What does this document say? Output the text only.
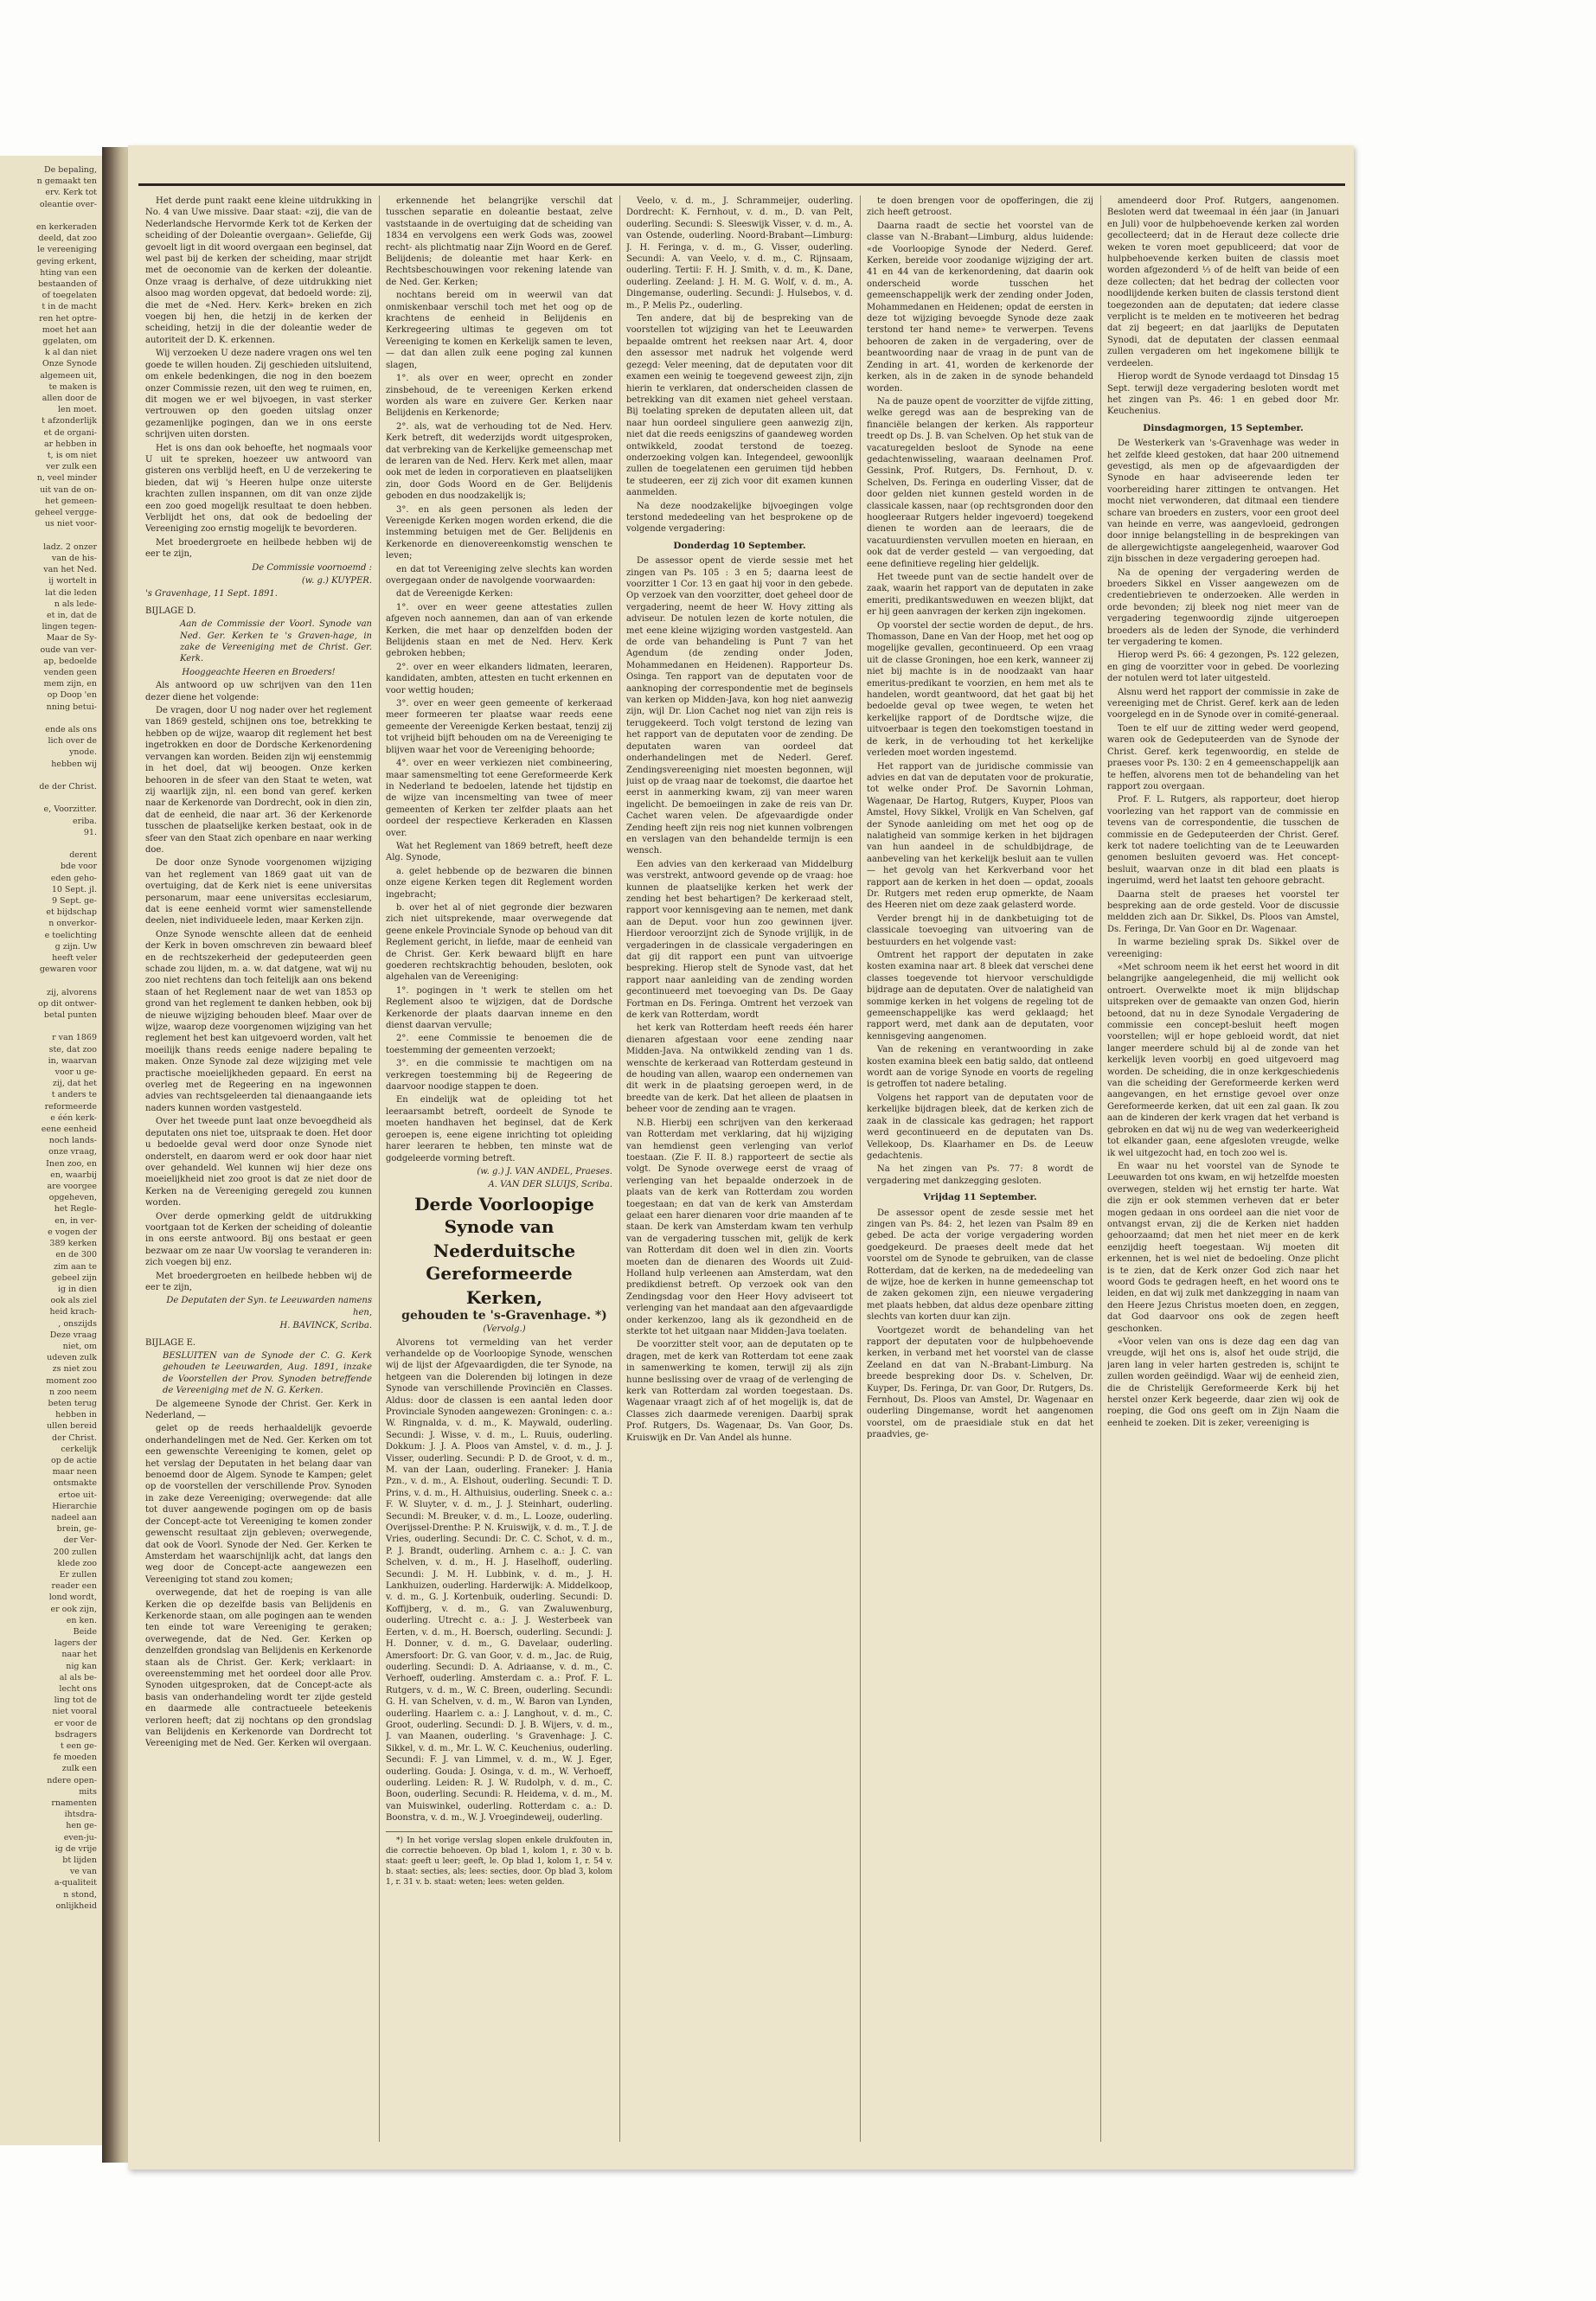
De bepaling,
n gemaakt ten
erv. Kerk tot
oleantie over-

en kerkeraden
deeld, dat zoo
le vereeniging
geving erkent,
hting van een
bestaanden of
of toegelaten
t in de macht
ren het optre-
moet het aan
ggelaten, om
k al dan niet
Onze Synode
algemeen uit,
te maken is
allen door de
len moet.
t afzonderlijk
et de organi-
ar hebben in
t, is om niet
ver zulk een
n, veel minder
uit van de on-
het gemeen-
geheel vergge-
us niet voor-

ladz. 2 onzer
van de his-
van het Ned.
ij wortelt in
lat die leden
n als lede-
et in, dat de
lingen tegen-
Maar de Sy-
oude van ver-
ap, bedoelde
venden geen
mem zijn, en
op Doop 'en
nning betui-

ende als ons
lich over de
ynode.
hebben wij

de der Christ.

e, Voorzitter.
eriba.
91.

derent
bde voor
eden geho-
10 Sept. jl.
9 Sept. ge-
et bijdschap
n onverkor-
e toelichting
g zijn. Uw
heeft veler
gewaren voor

zij, alvorens
op dit ontwer-
betal punten

r van 1869
ste, dat zoo
in, waarvan
voor u ge-
zij, dat het
t anders te
reformeerde
e één kerk-
eene eenheid
noch lands-
onze vraag,
Inen zoo, en
en, waarbij
are voorgee
opgeheven,
het Regle-
en, in ver-
e vogen der
389 kerken
en de 300
zim aan te
gebeel zijn
ig in dien
ook als ziel
heid krach-
, onszijds
Deze vraag
niet, om
udeven zulk
zs niet zou
moment zoo
n zoo neem
beten terug
hebben in
ullen bereid
der Christ.
cerkelijk
op de actie
maar neen
ontsmakte
ertoe uit-
Hierarchie
nadeel aan
brein, ge-
der Ver-
200 zullen
klede zoo
Er zullen
reader een
lond wordt,
er ook zijn,
en ken.
Beide
lagers der
naar het
nig kan
al als be-
lecht ons
ling tot de
niet vooral
er voor de
bsdragers
t een ge-
fe moeden
zulk een
ndere open-
mits
rnamenten
ihtsdra-
hen ge-
even-ju-
ig de vrije
bt lijden
ve van
a-qualiteit
n stond,
onlijkheid

Het derde punt raakt eene kleine uitdrukking in No. 4 van Uwe missive. Daar staat: «zij, die van de Nederlandsche Hervormde Kerk tot de Kerken der scheiding of der Doleantie overgaan». Geliefde, Gij gevoelt ligt in dit woord overgaan een beginsel, dat wel past bij de kerken der scheiding, maar strijdt met de oeconomie van de kerken der doleantie. Onze vraag is derhalve, of deze uitdrukking niet alsoo mag worden opgevat, dat bedoeld worde: zij, die met de «Ned. Herv. Kerk» breken en zich voegen bij hen, die hetzij in de kerken der scheiding, hetzij in die der doleantie weder de autoriteit der D. K. erkennen.

Wij verzoeken U deze nadere vragen ons wel ten goede te willen houden. Zij geschieden uitsluitend, om enkele bedenkingen, die nog in den boezem onzer Commissie rezen, uit den weg te ruimen, en, dit mogen we er wel bijvoegen, in vast sterker vertrouwen op den goeden uitslag onzer gezamenlijke pogingen, dan we in ons eerste schrijven uiten dorsten.

Het is ons dan ook behoefte, het nogmaals voor U uit te spreken, hoezeer uw antwoord van gisteren ons verblijd heeft, en U de verzekering te bieden, dat wij 's Heeren hulpe onze uiterste krachten zullen inspannen, om dit van onze zijde een zoo goed mogelijk resultaat te doen hebben. Verblijdt het ons, dat ook de bedoeling der Vereeniging zoo ernstig mogelijk te bevorderen.

Met broedergroete en heilbede hebben wij de eer te zijn,

De Commissie voornoemd :

(w. g.) KUYPER.

's Gravenhage, 11 Sept. 1891.

BIJLAGE D.

Aan de Commissie der Voorl. Synode van Ned. Ger. Kerken te 's Graven-hage, in zake de Vereeniging met de Christ. Ger. Kerk.

Hooggeachte Heeren en Broeders!

Als antwoord op uw schrijven van den 11en dezer diene het volgende:

De vragen, door U nog nader over het reglement van 1869 gesteld, schijnen ons toe, betrekking te hebben op de wijze, waarop dit reglement het best ingetrokken en door de Dordsche Kerkenordening vervangen kan worden. Beiden zijn wij eenstemmig in het doel, dat wij beoogen. Onze kerken behooren in de sfeer van den Staat te weten, wat zij waarlijk zijn, nl. een bond van geref. kerken naar de Kerkenorde van Dordrecht, ook in dien zin, dat de eenheid, die naar art. 36 der Kerkenorde tusschen de plaatselijke kerken bestaat, ook in de sfeer van den Staat zich openbare en naar werking doe.

De door onze Synode voorgenomen wijziging van het reglement van 1869 gaat uit van de overtuiging, dat de Kerk niet is eene universitas personarum, maar eene universitas ecclesiarum, dat is eene eenheid vormt wier samenstellende deelen, niet individueele leden, maar Kerken zijn.

Onze Synode wenschte alleen dat de eenheid der Kerk in boven omschreven zin bewaard bleef en de rechtszekerheid der gedeputeerden geen schade zou lijden, m. a. w. dat datgene, wat wij nu zoo niet rechtens dan toch feitelijk aan ons bekend staan of het Reglement naar de wet van 1853 op grond van het reglement te danken hebben, ook bij de nieuwe wijziging behouden bleef. Maar over de wijze, waarop deze voorgenomen wijziging van het reglement het best kan uitgevoerd worden, valt het moeilijk thans reeds eenige nadere bepaling te maken. Onze Synode zal deze wijziging met vele practische moeielijkheden gepaard. En eerst na overleg met de Regeering en na ingewonnen advies van rechtsgeleerden tal dienaangaande iets naders kunnen worden vastgesteld.

Over het tweede punt laat onze bevoegdheid als deputaten ons niet toe, uitspraak te doen. Het door u bedoelde geval werd door onze Synode niet onderstelt, en daarom werd er ook door haar niet over gehandeld. Wel kunnen wij hier deze ons moeielijkheid niet zoo groot is dat ze niet door de Kerken na de Vereeniging geregeld zou kunnen worden.

Over derde opmerking geldt de uitdrukking voortgaan tot de Kerken der scheiding of doleantie in ons eerste antwoord. Bij ons bestaat er geen bezwaar om ze naar Uw voorslag te veranderen in: zich voegen bij enz.

Met broedergroeten en heilbede hebben wij de eer te zijn,

De Deputaten der Syn. te Leeuwarden namens hen,

H. BAVINCK, Scriba.

BIJLAGE E.

BESLUITEN van de Synode der C. G. Kerk gehouden te Leeuwarden, Aug. 1891, inzake de Voorstellen der Prov. Synoden betreffende de Vereeniging met de N. G. Kerken.

De algemeene Synode der Christ. Ger. Kerk in Nederland, —

gelet op de reeds herhaaldelijk gevoerde onderhandelingen met de Ned. Ger. Kerken om tot een gewenschte Vereeniging te komen, gelet op het verslag der Deputaten in het belang daar van benoemd door de Algem. Synode te Kampen; gelet op de voorstellen der verschillende Prov. Synoden in zake deze Vereeniging; overwegende: dat alle tot duver aangewende pogingen om op de basis der Concept-acte tot Vereeniging te komen zonder gewenscht resultaat zijn gebleven; overwegende, dat ook de Voorl. Synode der Ned. Ger. Kerken te Amsterdam het waarschijnlijk acht, dat langs den weg door de Concept-acte aangewezen een Vereeniging tot stand zou komen;

overwegende, dat het de roeping is van alle Kerken die op dezelfde basis van Belijdenis en Kerkenorde staan, om alle pogingen aan te wenden ten einde tot ware Vereeniging te geraken; overwegende, dat de Ned. Ger. Kerken op denzelfden grondslag van Belijdenis en Kerkenorde staan als de Christ. Ger. Kerk; verklaart: in overeenstemming met het oordeel door alle Prov. Synoden uitgesproken, dat de Concept-acte als basis van onderhandeling wordt ter zijde gesteld en daarmede alle contractueele beteekenis verloren heeft; dat zij nochtans op den grondslag van Belijdenis en Kerkenorde van Dordrecht tot Vereeniging met de Ned. Ger. Kerken wil overgaan.

erkennende het belangrijke verschil dat tusschen separatie en doleantie bestaat, zelve vaststaande in de overtuiging dat de scheiding van 1834 en vervolgens een werk Gods was, zoowel recht- als plichtmatig naar Zijn Woord en de Geref. Belijdenis; de doleantie met haar Kerk- en Rechtsbeschouwingen voor rekening latende van de Ned. Ger. Kerken;

nochtans bereid om in weerwil van dat onmiskenbaar verschil toch met het oog op de krachtens de eenheid in Belijdenis en Kerkregeering ultimas te gegeven om tot Vereeniging te komen en Kerkelijk samen te leven, — dat dan allen zulk eene poging zal kunnen slagen,

1°. als over en weer, oprecht en zonder zinsbehoud, de te vereenigen Kerken erkend worden als ware en zuivere Ger. Kerken naar Belijdenis en Kerkenorde;

2°. als, wat de verhouding tot de Ned. Herv. Kerk betreft, dit wederzijds wordt uitgesproken, dat verbreking van de Kerkelijke gemeenschap met de leraren van de Ned. Herv. Kerk met allen, maar ook met de leden in corporatieven en plaatselijken zin, door Gods Woord en de Ger. Belijdenis geboden en dus noodzakelijk is;

3°. en als geen personen als leden der Vereenigde Kerken mogen worden erkend, die die instemming betuigen met de Ger. Belijdenis en Kerkenorde en dienovereenkomstig wenschen te leven;

en dat tot Vereeniging zelve slechts kan worden overgegaan onder de navolgende voorwaarden:

dat de Vereenigde Kerken:

1°. over en weer geene attestaties zullen afgeven noch aannemen, dan aan of van erkende Kerken, die met haar op denzelfden boden der Belijdenis staan en met de Ned. Herv. Kerk gebroken hebben;

2°. over en weer elkanders lidmaten, leeraren, kandidaten, ambten, attesten en tucht erkennen en voor wettig houden;

3°. over en weer geen gemeente of kerkeraad meer formeeren ter plaatse waar reeds eene gemeente der Vereenigde Kerken bestaat, tenzij zij tot vrijheid bijft behouden om na de Vereeniging te blijven waar het voor de Vereeniging behoorde;

4°. over en weer verkiezen niet combineering, maar samensmelting tot eene Gereformeerde Kerk in Nederland te bedoelen, latende het tijdstip en de wijze van incensmelting van twee of meer gemeenten of Kerken ter zelfder plaats aan het oordeel der respectieve Kerkeraden en Klassen over.

Wat het Reglement van 1869 betreft, heeft deze Alg. Synode,

a. gelet hebbende op de bezwaren die binnen onze eigene Kerken tegen dit Reglement worden ingebracht;

b. over het al of niet gegronde dier bezwaren zich niet uitsprekende, maar overwegende dat geene enkele Provinciale Synode op behoud van dit Reglement gericht, in liefde, maar de eenheid van de Christ. Ger. Kerk bewaard blijft en hare goederen rechtskrachtig behouden, besloten, ook algehalen van de Vereeniging:

1°. pogingen in 't werk te stellen om het Reglement alsoo te wijzigen, dat de Dordsche Kerkenorde der plaats daarvan inneme en den dienst daarvan vervulle;

2°. eene Commissie te benoemen die de toestemming der gemeenten verzoekt;

3°. en die commissie te machtigen om na verkregen toestemming bij de Regeering de daarvoor noodige stappen te doen.

En eindelijk wat de opleiding tot het leeraarsambt betreft, oordeelt de Synode te moeten handhaven het beginsel, dat de Kerk geroepen is, eene eigene inrichting tot opleiding harer leeraren te hebben, ten minste wat de godgeleerde vorming betreft.

(w. g.) J. VAN ANDEL, Praeses.

A. VAN DER SLUIJS, Scriba.

Derde Voorloopige Synode van

Nederduitsche Gereformeerde

Kerken,

gehouden te 's-Gravenhage. *)

(Vervolg.)

Alvorens tot vermelding van het verder verhandelde op de Voorloopige Synode, wenschen wij de lijst der Afgevaardigden, die ter Synode, na hetgeen van die Dolerenden bij lotingen in deze Synode van verschillende Provinciën en Classes. Aldus: door de classen is een aantal leden door Provinciale Synoden aangewezen: Groningen: c. a.: W. Ringnalda, v. d. m., K. Maywald, ouderling. Secundi: J. Wisse, v. d. m., L. Ruuis, ouderling. Dokkum: J. J. A. Ploos van Amstel, v. d. m., J. J. Visser, ouderling. Secundi: P. D. de Groot, v. d. m., M. van der Laan, ouderling. Franeker: J. Hania Pzn., v. d. m., A. Elshout, ouderling. Secundi: T. D. Prins, v. d. m., H. Althuisius, ouderling. Sneek c. a.: F. W. Sluyter, v. d. m., J. J. Steinhart, ouderling. Secundi: M. Breuker, v. d. m., L. Looze, ouderling. Overijssel-Drenthe: P. N. Kruiswijk, v. d. m., T. J. de Vries, ouderling. Secundi: Dr. C. C. Schot, v. d. m., P. J. Brandt, ouderling. Arnhem c. a.: J. C. van Schelven, v. d. m., H. J. Haselhoff, ouderling. Secundi: J. M. H. Lubbink, v. d. m., J. H. Lankhuizen, ouderling. Harderwijk: A. Middelkoop, v. d. m., G. J. Kortenbuik, ouderling. Secundi: D. Koffijberg, v. d. m., G. van Zwaluwenburg, ouderling. Utrecht c. a.: J. J. Westerbeek van Eerten, v. d. m., H. Boersch, ouderling. Secundi: J. H. Donner, v. d. m., G. Davelaar, ouderling. Amersfoort: Dr. G. van Goor, v. d. m., Jac. de Ruig, ouderling. Secundi: D. A. Adriaanse, v. d. m., C. Verhoeff, ouderling. Amsterdam c. a.: Prof. F. L. Rutgers, v. d. m., W. C. Breen, ouderling. Secundi: G. H. van Schelven, v. d. m., W. Baron van Lynden, ouderling. Haarlem c. a.: J. Langhout, v. d. m., C. Groot, ouderling. Secundi: D. J. B. Wijers, v. d. m., J. van Maanen, ouderling. 's Gravenhage: J. C. Sikkel, v. d. m., Mr. L. W. C. Keuchenius, ouderling. Secundi: F. J. van Limmel, v. d. m., W. J. Eger, ouderling. Gouda: J. Osinga, v. d. m., W. Verhoeff, ouderling. Leiden: R. J. W. Rudolph, v. d. m., C. Boon, ouderling. Secundi: R. Heidema, v. d. m., M. van Muiswinkel, ouderling. Rotterdam c. a.: D. Boonstra, v. d. m., W. J. Vroegindeweij, ouderling.

*) In het vorige verslag slopen enkele drukfouten in, die correctie behoeven. Op blad 1, kolom 1, r. 30 v. b. staat: geeft u leer; geeft, le. Op blad 1, kolom 1, r. 54 v. b. staat: secties, als; lees: secties, door. Op blad 3, kolom 1, r. 31 v. b. staat: weten; lees: weten gelden.

Veelo, v. d. m., J. Schrammeijer, ouderling. Dordrecht: K. Fernhout, v. d. m., D. van Pelt, ouderling. Secundi: S. Sleeswijk Visser, v. d. m., A. van Ostende, ouderling. Noord-Brabant—Limburg: J. H. Feringa, v. d. m., G. Visser, ouderling. Secundi: A. van Veelo, v. d. m., C. Rijnsaam, ouderling. Tertii: F. H. J. Smith, v. d. m., K. Dane, ouderling. Zeeland: J. H. M. G. Wolf, v. d. m., A. Dingemanse, ouderling. Secundi: J. Hulsebos, v. d. m., P. Melis Pz., ouderling.

Ten andere, dat bij de bespreking van de voorstellen tot wijziging van het te Leeuwarden bepaalde omtrent het reeksen naar Art. 4, door den assessor met nadruk het volgende werd gezegd: Veler meening, dat de deputaten voor dit examen een weinig te toegevend geweest zijn, zijn hierin te verklaren, dat onderscheiden classen de betrekking van dit examen niet geheel verstaan. Bij toelating spreken de deputaten alleen uit, dat naar hun oordeel singuliere geen aanwezig zijn, niet dat die reeds eenigszins of gaandeweg worden ontwikkeld, zoodat terstond de toezeg. onderzoeking volgen kan. Integendeel, gewoonlijk zullen de toegelatenen een geruimen tijd hebben te studeeren, eer zij zich voor dit examen kunnen aanmelden.

Na deze noodzakelijke bijvoegingen volge terstond mededeeling van het besprokene op de volgende vergadering:

Donderdag 10 September.

De assessor opent de vierde sessie met het zingen van Ps. 105 : 3 en 5; daarna leest de voorzitter 1 Cor. 13 en gaat hij voor in den gebede. Op verzoek van den voorzitter, doet geheel door de vergadering, neemt de heer W. Hovy zitting als adviseur. De notulen lezen de korte notulen, die met eene kleine wijziging worden vastgesteld. Aan de orde van behandeling is Punt 7 van het Agendum (de zending onder Joden, Mohammedanen en Heidenen). Rapporteur Ds. Osinga. Ten rapport van de deputaten voor de aanknoping der correspondentie met de beginsels van kerken op Midden-Java, kon hog niet aanwezig zijn, wijl Dr. Lion Cachet nog niet van zijn reis is teruggekeerd. Toch volgt terstond de lezing van het rapport van de deputaten voor de zending. De deputaten waren van oordeel dat onderhandelingen met de Nederl. Geref. Zendingsvereeniging niet moesten begonnen, wijl juist op de vraag naar de toekomst, die daartoe het eerst in aanmerking kwam, zij van meer waren ingelicht. De bemoeiingen in zake de reis van Dr. Cachet waren velen. De afgevaardigde onder Zending heeft zijn reis nog niet kunnen volbrengen en verslagen van den behandelde termijn is een wensch.

Een advies van den kerkeraad van Middelburg was verstrekt, antwoord gevende op de vraag: hoe kunnen de plaatselijke kerken het werk der zending het best behartigen? De kerkeraad stelt, rapport voor kennisgeving aan te nemen, met dank aan de Deput. voor hun zoo gewinnen ijver. Hierdoor veroorzijnt zich de Synode vrijlijk, in de vergaderingen in de classicale vergaderingen en dat gij dit rapport een punt van uitvoerige bespreking. Hierop stelt de Synode vast, dat het rapport naar aanleiding van de zending worden gecontinueerd met toevoeging van Ds. De Gaay Fortman en Ds. Feringa. Omtrent het verzoek van de kerk van Rotterdam, wordt

het kerk van Rotterdam heeft reeds één harer dienaren afgestaan voor eene zending naar Midden-Java. Na ontwikkeld zending van 1 ds. wenschte de kerkeraad van Rotterdam gesteund in de houding van allen, waarop een ondernemen van dit werk in de plaatsing geroepen werd, in de breedte van de kerk. Dat het alleen de plaatsen in beheer voor de zending aan te vragen.

N.B. Hierbij een schrijven van den kerkeraad van Rotterdam met verklaring, dat hij wijziging van hemdienst geen verlenging van verlof toestaan. (Zie F. II. 8.) rapporteert de sectie als volgt. De Synode overwege eerst de vraag of verlenging van het bepaalde onderzoek in de plaats van de kerk van Rotterdam zou worden toegestaan; en dat van de kerk van Amsterdam gelaat een harer dienaren voor drie maanden af te staan. De kerk van Amsterdam kwam ten verhulp van de vergadering tusschen mit, gelijk de kerk van Rotterdam dit doen wel in dien zin. Voorts moeten dan de dienaren des Woords uit Zuid-Holland hulp verleenen aan Amsterdam, wat den predikdienst betreft. Op verzoek ook van den Zendingsdag voor den Heer Hovy adviseert tot verlenging van het mandaat aan den afgevaardigde onder kerkenzoo, lang als ik gezondheid en de sterkte tot het uitgaan naar Midden-Java toelaten.

De voorzitter stelt voor, aan de deputaten op te dragen, met de kerk van Rotterdam tot eene zaak in samenwerking te komen, terwijl zij als zijn hunne beslissing over de vraag of de verlenging de kerk van Rotterdam zal worden toegestaan. Ds. Wagenaar vraagt zich af of het mogelijk is, dat de Classes zich daarmede verenigen. Daarbij sprak Prof. Rutgers, Ds. Wagenaar, Ds. Van Goor, Ds. Kruiswijk en Dr. Van Andel als hunne.

te doen brengen voor de opofferingen, die zij zich heeft getroost.

Daarna raadt de sectie het voorstel van de classe van N.-Brabant—Limburg, aldus luidende: «de Voorloopige Synode der Nederd. Geref. Kerken, bereide voor zoodanige wijziging der art. 41 en 44 van de kerkenordening, dat daarin ook onderscheid worde tusschen het gemeenschappelijk werk der zending onder Joden, Mohammedanen en Heidenen; opdat de eersten in deze tot wijziging bevoegde Synode deze zaak terstond ter hand neme» te verwerpen. Tevens behooren de zaken in de vergadering, over de beantwoording naar de vraag in de punt van de Zending in art. 41, worden de kerkenorde der kerken, als in de zaken in de synode behandeld worden.

Na de pauze opent de voorzitter de vijfde zitting, welke geregd was aan de bespreking van de financiële belangen der kerken. Als rapporteur treedt op Ds. J. B. van Schelven. Op het stuk van de vacaturegelden besloot de Synode na eene gedachtenwisseling, waaraan deelnamen Prof. Gessink, Prof. Rutgers, Ds. Fernhout, D. v. Schelven, Ds. Feringa en ouderling Visser, dat de door gelden niet kunnen gesteld worden in de classicale kassen, naar (op rechtsgronden door den hoogleeraar Rutgers helder ingevoerd) toegekend dienen te worden aan de leeraars, die de vacatuurdiensten vervullen moeten en hieraan, en ook dat de verder gesteld — van vergoeding, dat eene definitieve regeling hier geldelijk.

Het tweede punt van de sectie handelt over de zaak, waarin het rapport van de deputaten in zake emeriti, predikantsweduwen en weezen blijkt, dat er hij geen aanvragen der kerken zijn ingekomen.

Op voorstel der sectie worden de deput., de hrs. Thomasson, Dane en Van der Hoop, met het oog op mogelijke gevallen, gecontinueerd. Op een vraag uit de classe Groningen, hoe een kerk, wanneer zij niet bij machte is in de noodzaakt van haar emeritus-predikant te voorzien, en hem met als te handelen, wordt geantwoord, dat het gaat bij het bedoelde geval op twee wegen, te weten het kerkelijke rapport of de Dordtsche wijze, die uitvoerbaar is tegen den toekomstigen toestand in de kerk, in de verhouding tot het kerkelijke verleden moet worden ingestemd.

Het rapport van de juridische commissie van advies en dat van de deputaten voor de prokuratie, tot welke onder Prof. De Savornin Lohman, Wagenaar, De Hartog, Rutgers, Kuyper, Ploos van Amstel, Hovy Sikkel, Vrolijk en Van Schelven, gaf der Synode aanleiding om met het oog op de nalatigheid van sommige kerken in het bijdragen van hun aandeel in de schuldbijdrage, de aanbeveling van het kerkelijk besluit aan te vullen — het gevolg van het Kerkverband voor het rapport aan de kerken in het doen — opdat, zooals Dr. Rutgers met reden erup opmerkte, de Naam des Heeren niet om deze zaak gelasterd worde.

Verder brengt hij in de dankbetuiging tot de classicale toevoeging van uitvoering van de bestuurders en het volgende vast:

Omtrent het rapport der deputaten in zake kosten examina naar art. 8 bleek dat verschei dene classes toegevende tot hiervoor verschuldigde bijdrage aan de deputaten. Over de nalatigheid van sommige kerken in het volgens de regeling tot de gemeenschappelijke kas werd geklaagd; het rapport werd, met dank aan de deputaten, voor kennisgeving aangenomen.

Van de rekening en verantwoording in zake kosten examina bleek een batig saldo, dat ontleend wordt aan de vorige Synode en voorts de regeling is getroffen tot nadere betaling.

Volgens het rapport van de deputaten voor de kerkelijke bijdragen bleek, dat de kerken zich de zaak in de classicale kas gedragen; het rapport werd gecontinueerd en de deputaten van Ds. Vellekoop, Ds. Klaarhamer en Ds. de Leeuw gedachtenis.

Na het zingen van Ps. 77: 8 wordt de vergadering met dankzegging gesloten.

Vrijdag 11 September.

De assessor opent de zesde sessie met het zingen van Ps. 84: 2, het lezen van Psalm 89 en gebed. De acta der vorige vergadering worden goedgekeurd. De praeses deelt mede dat het voorstel om de Synode te gebruiken, van de classe Rotterdam, dat de kerken, na de mededeeling van de wijze, hoe de kerken in hunne gemeenschap tot de zaken gekomen zijn, een nieuwe vergadering met plaats hebben, dat aldus deze openbare zitting slechts van korten duur kan zijn.

Voortgezet wordt de behandeling van het rapport der deputaten voor de hulpbehoevende kerken, in verband met het voorstel van de classe Zeeland en dat van N.-Brabant-Limburg. Na breede bespreking door Ds. v. Schelven, Dr. Kuyper, Ds. Feringa, Dr. van Goor, Dr. Rutgers, Ds. Fernhout, Ds. Ploos van Amstel, Dr. Wagenaar en ouderling Dingemanse, wordt het aangenomen voorstel, om de praesidiale stuk en dat het praadvies, ge-

amendeerd door Prof. Rutgers, aangenomen. Besloten werd dat tweemaal in één jaar (in Januari en Juli) voor de hulpbehoevende kerken zal worden gecollecteerd; dat in de Heraut deze collecte drie weken te voren moet gepubliceerd; dat voor de hulpbehoevende kerken buiten de classis moet worden afgezonderd ⅓ of de helft van beide of een deze collecten; dat het bedrag der collecten voor noodlijdende kerken buiten de classis terstond dient toegezonden aan de deputaten; dat iedere classe verplicht is te melden en te motiveeren het bedrag dat zij begeert; en dat jaarlijks de Deputaten Synodi, dat de deputaten der classen eenmaal zullen vergaderen om het ingekomene billijk te verdeelen.

Hierop wordt de Synode verdaagd tot Dinsdag 15 Sept. terwijl deze vergadering besloten wordt met het zingen van Ps. 46: 1 en gebed door Mr. Keuchenius.

Dinsdagmorgen, 15 September.

De Westerkerk van 's-Gravenhage was weder in het zelfde kleed gestoken, dat haar 200 uitnemend gevestigd, als men op de afgevaardigden der Synode en haar adviseerende leden ter voorbereiding harer zittingen te ontvangen. Het mocht niet verwonderen, dat ditmaal een tiendere schare van broeders en zusters, voor een groot deel van heinde en verre, was aangevloeid, gedrongen door innige belangstelling in de besprekingen van de allergewichtigste aangelegenheid, waarover God zijn bisschen in deze vergadering geroepen had.

Na de opening der vergadering werden de broeders Sikkel en Visser aangewezen om de credentiebrieven te onderzoeken. Alle werden in orde bevonden; zij bleek nog niet meer van de vergadering tegenwoordig zijnde uitgeroepen broeders als de leden der Synode, die verhinderd ter vergadering te komen.

Hierop werd Ps. 66: 4 gezongen, Ps. 122 gelezen, en ging de voorzitter voor in gebed. De voorlezing der notulen werd tot later uitgesteld.

Alsnu werd het rapport der commissie in zake de vereeniging met de Christ. Geref. kerk aan de leden voorgelegd en in de Synode over in comité-generaal.

Toen te elf uur de zitting weder werd geopend, waren ook de Gedeputeerden van de Synode der Christ. Geref. kerk tegenwoordig, en stelde de praeses voor Ps. 130: 2 en 4 gemeenschappelijk aan te heffen, alvorens men tot de behandeling van het rapport zou overgaan.

Prof. F. L. Rutgers, als rapporteur, doet hierop voorlezing van het rapport van de commissie en tevens van de correspondentie, die tusschen de commissie en de Gedeputeerden der Christ. Geref. kerk tot nadere toelichting van de te Leeuwarden genomen besluiten gevoerd was. Het concept-besluit, waarvan onze in dit blad een plaats is ingeruimd, werd het laatst ten gehoore gebracht.

Daarna stelt de praeses het voorstel ter bespreking aan de orde gesteld. Voor de discussie meldden zich aan Dr. Sikkel, Ds. Ploos van Amstel, Ds. Feringa, Dr. Van Goor en Dr. Wagenaar.

In warme bezieling sprak Ds. Sikkel over de vereeniging:

«Met schroom neem ik het eerst het woord in dit belangrijke aangelegenheid, die mij wellicht ook ontroert. Overwelkte moet ik mijn blijdschap uitspreken over de gemaakte van onzen God, hierin betoond, dat nu in deze Synodale Vergadering de commissie een concept-besluit heeft mogen voorstellen; wijl er hope gebloeid wordt, dat niet langer meerdere schuld bij al de zonde van het kerkelijk leven voorbij en goed uitgevoerd mag worden. De scheiding, die in onze kerkgeschiedenis van die scheiding der Gereformeerde kerken werd aangevangen, en het ernstige gevoel over onze Gereformeerde kerken, dat uit een zal gaan. Ik zou aan de kinderen der kerk vragen dat het verband is gebroken en dat wij nu de weg van wederkeerigheid tot elkander gaan, eene afgesloten vreugde, welke ik wel uitgezocht had, en toch zoo wel is.

En waar nu het voorstel van de Synode te Leeuwarden tot ons kwam, en wij hetzelfde moesten overwegen, stelden wij het ernstig ter harte. Wat die zijn er ook stemmen verheven dat er beter mogen gedaan in ons oordeel aan die niet voor de ontvangst ervan, zij die de Kerken niet hadden gehoorzaamd; dat men het niet meer en de kerk eenzijdig heeft toegestaan. Wij moeten dit erkennen, het is wel niet de bedoeling. Onze plicht is te zien, dat de Kerk onzer God zich naar het woord Gods te gedragen heeft, en het woord ons te leiden, en dat wij zulk met dankzegging in naam van den Heere Jezus Christus moeten doen, en zeggen, dat God daarvoor ons ook de zegen heeft geschonken.

«Voor velen van ons is deze dag een dag van vreugde, wijl het ons is, alsof het oude strijd, die jaren lang in veler harten gestreden is, schijnt te zullen worden geëindigd. Waar wij de eenheid zien, die de Christelijk Gereformeerde Kerk bij het herstel onzer Kerk begeerde, daar zien wij ook de roeping, die God ons geeft om in Zijn Naam die eenheid te zoeken. Dit is zeker, vereeniging is
